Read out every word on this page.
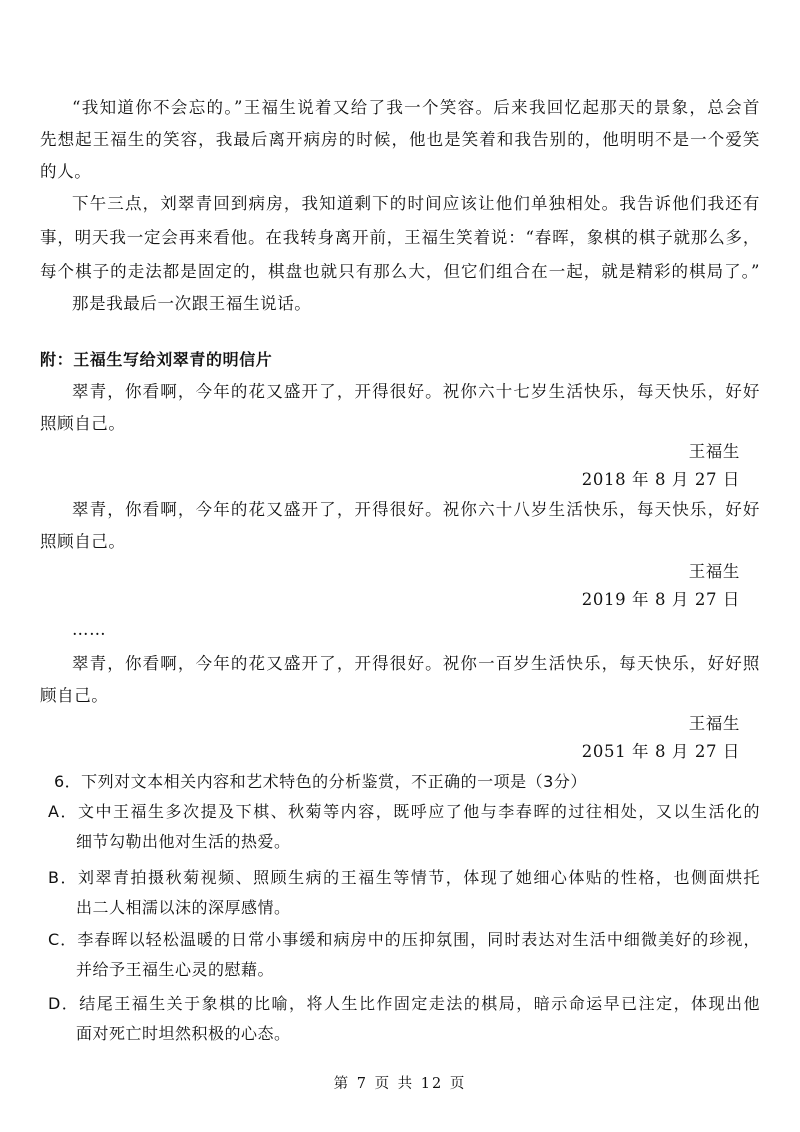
“我知道你不会忘的。”王福生说着又给了我一个笑容。后来我回忆起那天的景象，总会首
先想起王福生的笑容，我最后离开病房的时候，他也是笑着和我告别的，他明明不是一个爱笑
的人。
下午三点，刘翠青回到病房，我知道剩下的时间应该让他们单独相处。我告诉他们我还有
事，明天我一定会再来看他。在我转身离开前，王福生笑着说：“春晖，象棋的棋子就那么多，
每个棋子的走法都是固定的，棋盘也就只有那么大，但它们组合在一起，就是精彩的棋局了。”
那是我最后一次跟王福生说话。
附：王福生写给刘翠青的明信片
翠青，你看啊，今年的花又盛开了，开得很好。祝你六十七岁生活快乐，每天快乐，好好
照顾自己。
王福生
2018 年 8 月 27 日
翠青，你看啊，今年的花又盛开了，开得很好。祝你六十八岁生活快乐，每天快乐，好好
照顾自己。
王福生
2019 年 8 月 27 日
……
翠青，你看啊，今年的花又盛开了，开得很好。祝你一百岁生活快乐，每天快乐，好好照
顾自己。
王福生
2051 年 8 月 27 日
6．下列对文本相关内容和艺术特色的分析鉴赏，不正确的一项是（3分）
A．文中王福生多次提及下棋、秋菊等内容，既呼应了他与李春晖的过往相处，又以生活化的
细节勾勒出他对生活的热爱。
B．刘翠青拍摄秋菊视频、照顾生病的王福生等情节，体现了她细心体贴的性格，也侧面烘托
出二人相濡以沫的深厚感情。
C．李春晖以轻松温暖的日常小事缓和病房中的压抑氛围，同时表达对生活中细微美好的珍视，
并给予王福生心灵的慰藉。
D．结尾王福生关于象棋的比喻，将人生比作固定走法的棋局，暗示命运早已注定，体现出他
面对死亡时坦然积极的心态。
第 7 页 共 12 页
